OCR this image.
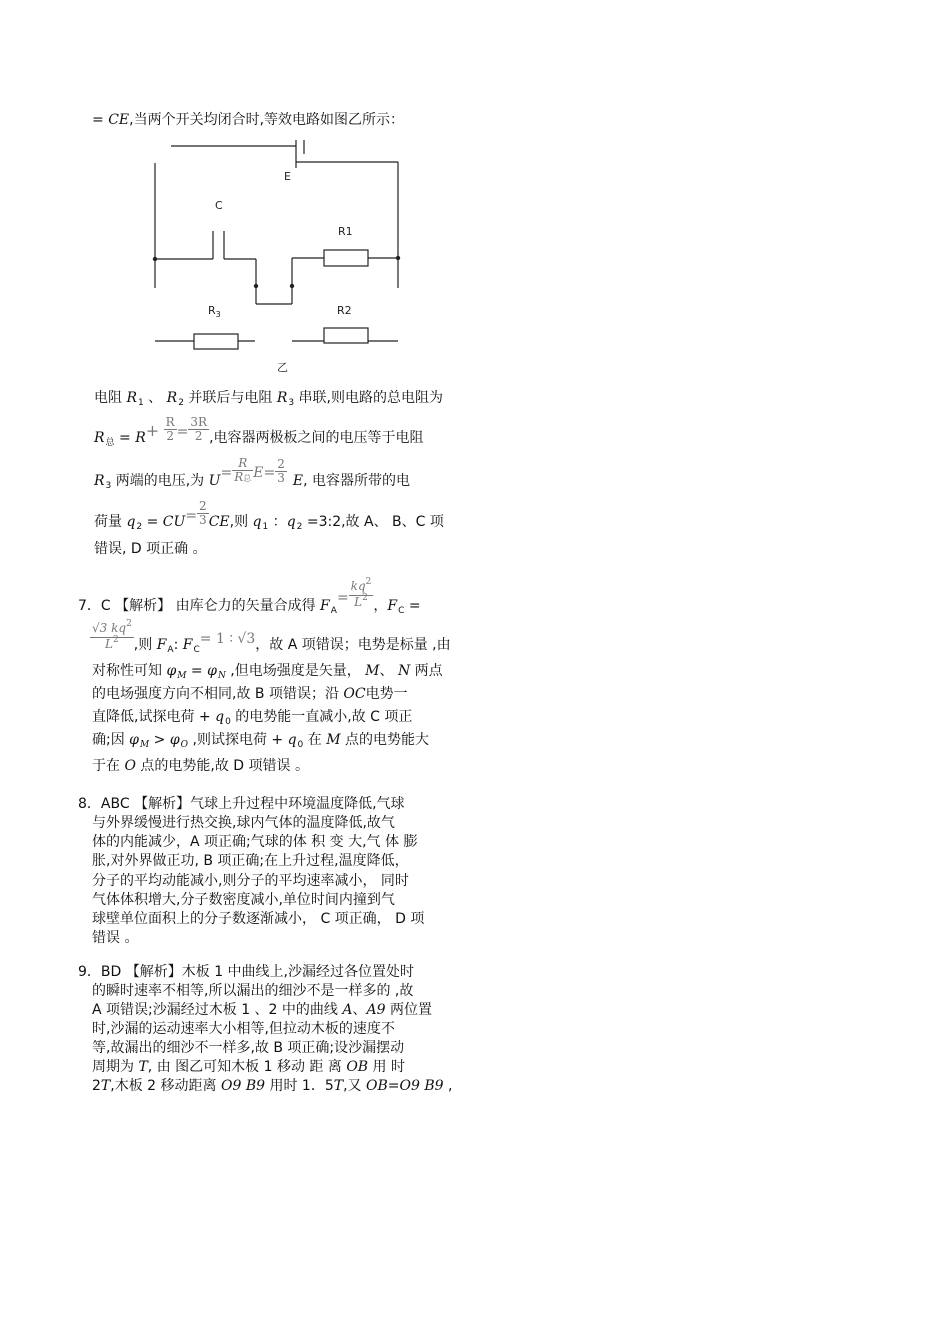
= CE,当两个开关均闭合时,等效电路如图乙所示：
E
C
R1
$R_3$	R2
乙
电阻 $R_1$ 、 $R_2$ 并联后与电阻 $R_3$ 串联,则电路的总电阻为
$R_总 = R+ \frac{R}{2} = \frac{3R}{2}$ ,电容器两极板之间的电压等于电阻
$R_3$ 两端的电压,为 $U= \frac{R}{\text{R总}} E= \frac{2}{3} E$, 电容器所带的电
荷量 $q_2 = CU= \frac{2}{3}$ CE,则 $q_1$ ：$q_2$ =3:2,故 A、 B、C 项
错误, D 项正确 。
7．C 【解析】 由库仑力的矢量合成得 $F_A= \frac{kq^2}{L^2}$ ，$F_C$ =
$\frac{√3 kq^2}{L^2}$ ,则 $F_A$: $F_C= 1$ ∶ √3，故 A 项错误；电势是标量 ,由
对称性可知 $\varphi_M = \varphi_N$ ,但电场强度是矢量， M、 N 两点
的电场强度方向不相同,故 B 项错误；沿 OC电势一
直降低,试探电荷 + $q_0$ 的电势能一直减小,故 C 项正
确;因 $\varphi_M > \varphi_O$ ,则试探电荷 + $q_0$ 在 M 点的电势能大
于在 O 点的电势能,故 D 项错误 。
8．ABC 【解析】气球上升过程中环境温度降低,气球
与外界缓慢进行热交换,球内气体的温度降低,故气
体的内能减少，A 项正确;气球的体 积 变 大,气 体 膨
胀,对外界做正功, B 项正确;在上升过程,温度降低，
分子的平均动能减小,则分子的平均速率减小， 同时
气体体积增大,分子数密度减小,单位时间内撞到气
球壁单位面积上的分子数逐渐减小， C 项正确， D 项
错误 。
9．BD 【解析】木板 1 中曲线上,沙漏经过各位置处时
的瞬时速率不相等,所以漏出的细沙不是一样多的 ,故
A 项错误;沙漏经过木板 1 、2 中的曲线 A、A9 两位置
时,沙漏的运动速率大小相等,但拉动木板的速度不
等,故漏出的细沙不一样多,故 B 项正确;设沙漏摆动
周期为 T, 由 图乙可知木板 1 移动 距 离 OB 用 时
2T,木板 2 移动距离 O9 B9 用时 1．5T,又 OB=O9 B9 ,
